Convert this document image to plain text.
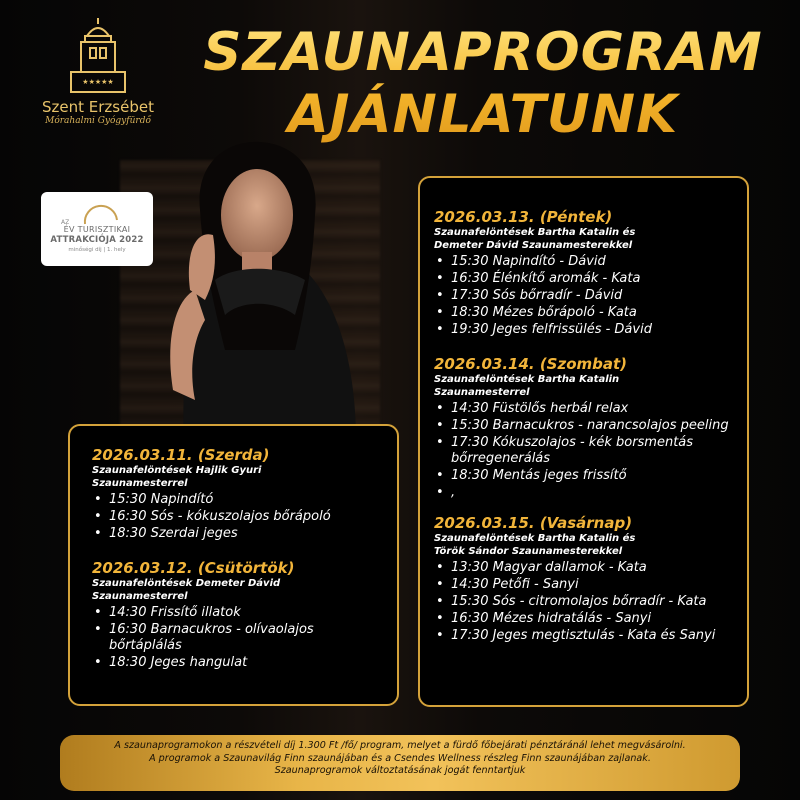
★★★★★
Szent Erzsébet
Mórahalmi Gyógyfürdő
AZ
ÉV TURISZTIKAI
ATTRAKCIÓJA 2022
minőségi díj | 1. hely
SZAUNAPROGRAM
AJÁNLATUNK

2026.03.11. (Szerda)

Szaunafelöntések Hajlik Gyuri
Szaunamesterrel

• 15:30 Napindító
• 16:30 Sós - kókuszolajos bőrápoló
• 18:30 Szerdai jeges

2026.03.12. (Csütörtök)

Szaunafelöntések Demeter Dávid
Szaunamesterrel

• 14:30 Frissítő illatok
• 16:30 Barnacukros - olívaolajos bőrtáplálás
• 18:30 Jeges hangulat

2026.03.13. (Péntek)

Szaunafelöntések Bartha Katalin és
Demeter Dávid Szaunamesterekkel

• 15:30 Napindító - Dávid
• 16:30 Élénkítő aromák - Kata
• 17:30 Sós bőrradír - Dávid
• 18:30 Mézes bőrápoló - Kata
• 19:30 Jeges felfrissülés - Dávid

2026.03.14. (Szombat)

Szaunafelöntések Bartha Katalin
Szaunamesterrel

• 14:30 Füstölős herbál relax
• 15:30 Barnacukros - narancsolajos peeling
• 17:30 Kókuszolajos - kék borsmentás bőrregenerálás
• 18:30 Mentás jeges frissítő
• ,

2026.03.15. (Vasárnap)

Szaunafelöntések Bartha Katalin és
Török Sándor Szaunamesterekkel

• 13:30 Magyar dallamok - Kata
• 14:30 Petőfi - Sanyi
• 15:30 Sós - citromolajos bőrradír - Kata
• 16:30 Mézes hidratálás - Sanyi
• 17:30 Jeges megtisztulás - Kata és Sanyi
A szaunaprogramokon a részvételi díj 1.300 Ft /fő/ program, melyet a fürdő főbejárati pénztáránál lehet megvásárolni.
A programok a Szaunavilág Finn szaunájában és a Csendes Wellness részleg Finn szaunájában zajlanak.
Szaunaprogramok változtatásának jogát fenntartjuk
